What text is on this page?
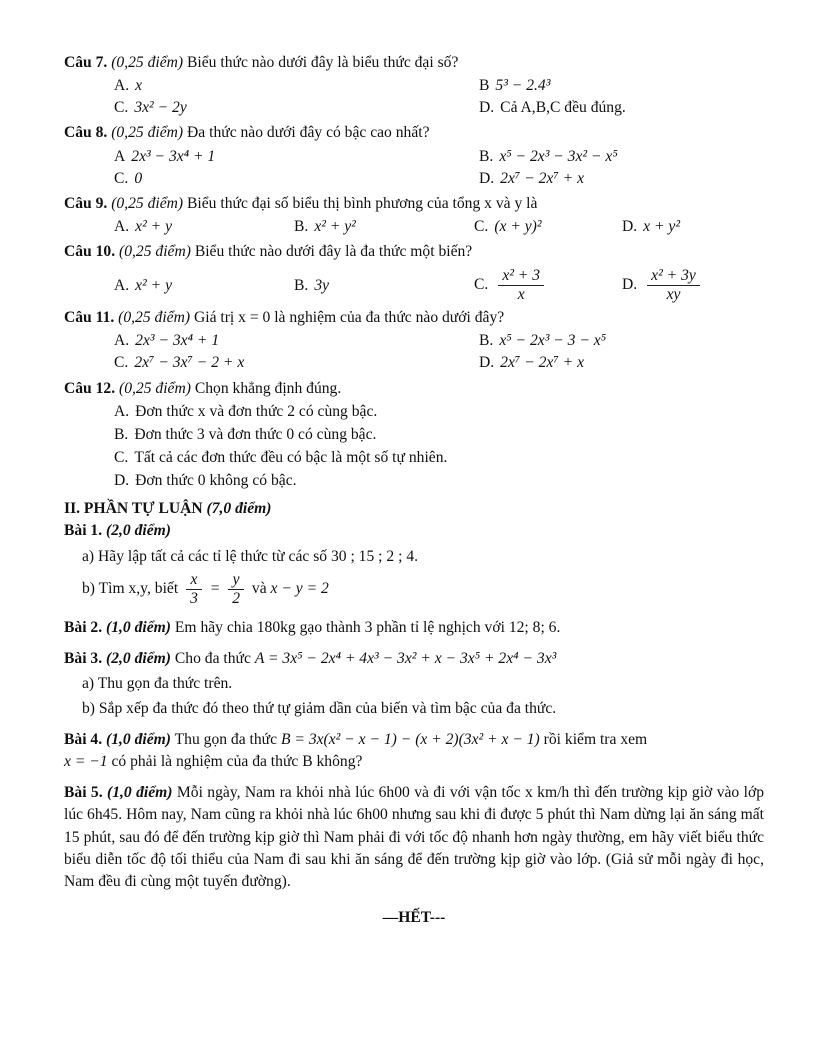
Câu 7. (0,25 điểm) Biểu thức nào dưới đây là biểu thức đại số?
A. x	B 5³ − 2.4³
C. 3x² − 2y	D. Cả A,B,C đều đúng.
Câu 8. (0,25 điểm) Đa thức nào dưới đây có bậc cao nhất?
A 2x³ − 3x⁴ + 1	B. x⁵ − 2x³ − 3x² − x⁵
C. 0	D. 2x⁷ − 2x⁷ + x
Câu 9. (0,25 điểm) Biểu thức đại số biểu thị bình phương của tổng x và y là
A. x² + y	B. x² + y²	C. (x + y)²	D. x + y²
Câu 10. (0,25 điểm) Biểu thức nào dưới đây là đa thức một biến?
A. x² + y	B. 3y	C. $\frac{\text{x² + 3}}{x}$	D. $\frac{\text{x² + 3y}}{xy}$
Câu 11. (0,25 điểm) Giá trị x = 0 là nghiệm của đa thức nào dưới đây?
A. 2x³ − 3x⁴ + 1	B. x⁵ − 2x³ − 3 − x⁵
C. 2x⁷ − 3x⁷ − 2 + x	D. 2x⁷ − 2x⁷ + x
Câu 12. (0,25 điểm) Chọn khẳng định đúng.
A. Đơn thức x và đơn thức 2 có cùng bậc.
B. Đơn thức 3 và đơn thức 0 có cùng bậc.
C. Tất cả các đơn thức đều có bậc là một số tự nhiên.
D. Đơn thức 0 không có bậc.
II. PHẦN TỰ LUẬN (7,0 điểm)
Bài 1. (2,0 điểm)
a) Hãy lập tất cả các tỉ lệ thức từ các số 30 ; 15 ; 2 ; 4.
b) Tìm x,y, biết $\frac{x}{3} = \frac{y}{2}$ và x − y = 2
Bài 2. (1,0 điểm) Em hãy chia 180kg gạo thành 3 phần tỉ lệ nghịch với 12; 8; 6.
Bài 3. (2,0 điểm) Cho đa thức A = 3x⁵ − 2x⁴ + 4x³ − 3x² + x − 3x⁵ + 2x⁴ − 3x³
a) Thu gọn đa thức trên.
b) Sắp xếp đa thức đó theo thứ tự giảm dần của biến và tìm bậc của đa thức.
Bài 4. (1,0 điểm) Thu gọn đa thức B = 3x(x² − x − 1) − (x + 2)(3x² + x − 1) rồi kiểm tra xem
x = −1 có phải là nghiệm của đa thức B không?
Bài 5. (1,0 điểm) Mỗi ngày, Nam ra khỏi nhà lúc 6h00 và đi với vận tốc x km/h thì đến trường kịp giờ vào lớp lúc 6h45. Hôm nay, Nam cũng ra khỏi nhà lúc 6h00 nhưng sau khi đi được 5 phút thì Nam dừng lại ăn sáng mất 15 phút, sau đó để đến trường kịp giờ thì Nam phải đi với tốc độ nhanh hơn ngày thường, em hãy viết biểu thức biểu diễn tốc độ tối thiểu của Nam đi sau khi ăn sáng để đến trường kịp giờ vào lớp. (Giả sử mỗi ngày đi học, Nam đều đi cùng một tuyến đường).
—HẾT---
